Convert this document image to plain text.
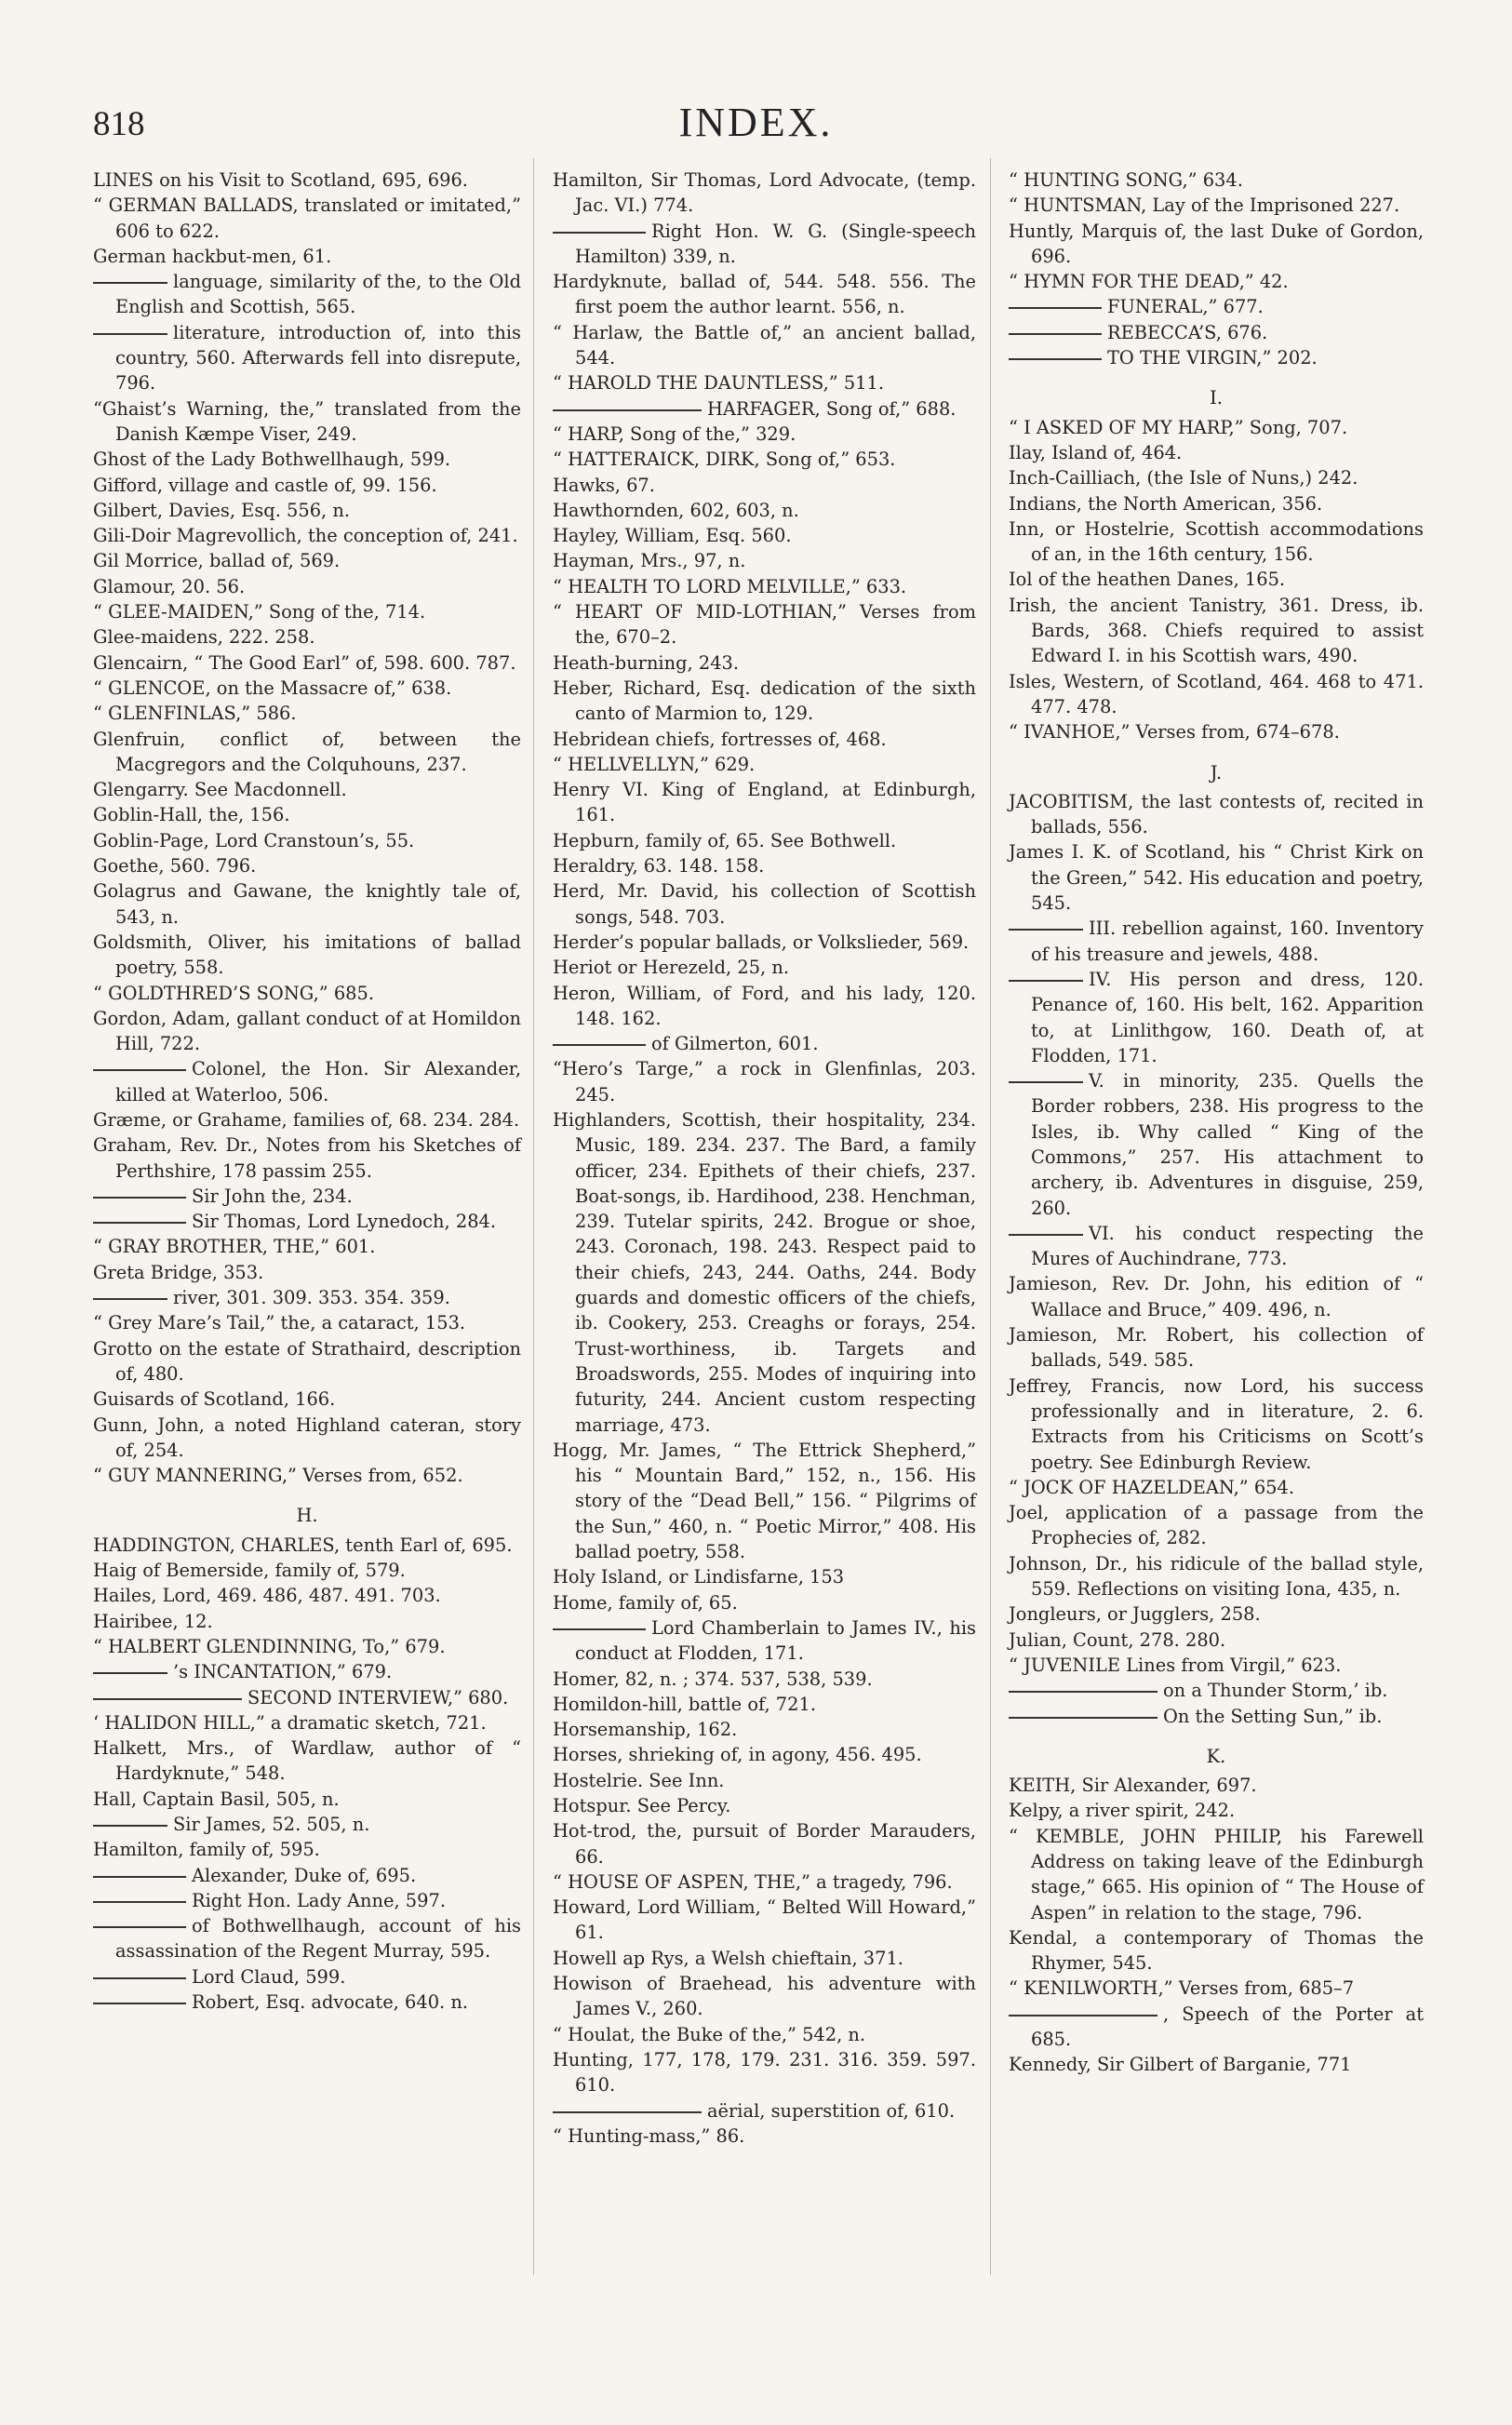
818	INDEX.
LINES on his Visit to Scotland, 695, 696.
“ GERMAN BALLADS, translated or imitated,” 606 to 622.
German hackbut-men, 61.
language, similarity of the, to the Old English and Scottish, 565.
literature, introduction of, into this country, 560. Afterwards fell into disrepute, 796.
“Ghaist’s Warning, the,” translated from the Danish Kæmpe Viser, 249.
Ghost of the Lady Bothwellhaugh, 599.
Gifford, village and castle of, 99. 156.
Gilbert, Davies, Esq. 556, n.
Gili-Doir Magrevollich, the conception of, 241.
Gil Morrice, ballad of, 569.
Glamour, 20. 56.
“ GLEE-MAIDEN,” Song of the, 714.
Glee-maidens, 222. 258.
Glencairn, “ The Good Earl” of, 598. 600. 787.
“ GLENCOE, on the Massacre of,” 638.
“ GLENFINLAS,” 586.
Glenfruin, conflict of, between the Macgregors and the Colquhouns, 237.
Glengarry. See Macdonnell.
Goblin-Hall, the, 156.
Goblin-Page, Lord Cranstoun’s, 55.
Goethe, 560. 796.
Golagrus and Gawane, the knightly tale of, 543, n.
Goldsmith, Oliver, his imitations of ballad poetry, 558.
“ GOLDTHRED’S SONG,” 685.
Gordon, Adam, gallant conduct of at Homildon Hill, 722.
Colonel, the Hon. Sir Alexander, killed at Waterloo, 506.
Græme, or Grahame, families of, 68. 234. 284.
Graham, Rev. Dr., Notes from his Sketches of Perthshire, 178 passim 255.
Sir John the, 234.
Sir Thomas, Lord Lynedoch, 284.
“ GRAY BROTHER, THE,” 601.
Greta Bridge, 353.
river, 301. 309. 353. 354. 359.
“ Grey Mare’s Tail,” the, a cataract, 153.
Grotto on the estate of Strathaird, description of, 480.
Guisards of Scotland, 166.
Gunn, John, a noted Highland cateran, story of, 254.
“ GUY MANNERING,” Verses from, 652.
H.
HADDINGTON, CHARLES, tenth Earl of, 695.
Haig of Bemerside, family of, 579.
Hailes, Lord, 469. 486, 487. 491. 703.
Hairibee, 12.
“ HALBERT GLENDINNING, To,” 679.
’s INCANTATION,” 679.
SECOND INTERVIEW,” 680.
‘ HALIDON HILL,” a dramatic sketch, 721.
Halkett, Mrs., of Wardlaw, author of “ Hardyknute,” 548.
Hall, Captain Basil, 505, n.
Sir James, 52. 505, n.
Hamilton, family of, 595.
Alexander, Duke of, 695.
Right Hon. Lady Anne, 597.
of Bothwellhaugh, account of his assassination of the Regent Murray, 595.
Lord Claud, 599.
Robert, Esq. advocate, 640. n.
Hamilton, Sir Thomas, Lord Advocate, (temp. Jac. VI.) 774.
Right Hon. W. G. (Single-speech Hamilton) 339, n.
Hardyknute, ballad of, 544. 548. 556. The first poem the author learnt. 556, n.
“ Harlaw, the Battle of,” an ancient ballad, 544.
“ HAROLD THE DAUNTLESS,” 511.
HARFAGER, Song of,” 688.
“ HARP, Song of the,” 329.
“ HATTERAICK, DIRK, Song of,” 653.
Hawks, 67.
Hawthornden, 602, 603, n.
Hayley, William, Esq. 560.
Hayman, Mrs., 97, n.
“ HEALTH TO LORD MELVILLE,” 633.
“ HEART OF MID-LOTHIAN,” Verses from the, 670–2.
Heath-burning, 243.
Heber, Richard, Esq. dedication of the sixth canto of Marmion to, 129.
Hebridean chiefs, fortresses of, 468.
“ HELLVELLYN,” 629.
Henry VI. King of England, at Edinburgh, 161.
Hepburn, family of, 65. See Bothwell.
Heraldry, 63. 148. 158.
Herd, Mr. David, his collection of Scottish songs, 548. 703.
Herder’s popular ballads, or Volkslieder, 569.
Heriot or Herezeld, 25, n.
Heron, William, of Ford, and his lady, 120. 148. 162.
of Gilmerton, 601.
“Hero’s Targe,” a rock in Glenfinlas, 203. 245.
Highlanders, Scottish, their hospitality, 234. Music, 189. 234. 237. The Bard, a family officer, 234. Epithets of their chiefs, 237. Boat-songs, ib. Hardihood, 238. Henchman, 239. Tutelar spirits, 242. Brogue or shoe, 243. Coronach, 198. 243. Respect paid to their chiefs, 243, 244. Oaths, 244. Body guards and domestic officers of the chiefs, ib. Cookery, 253. Creaghs or forays, 254. Trust-worthiness, ib. Targets and Broadswords, 255. Modes of inquiring into futurity, 244. Ancient custom respecting marriage, 473.
Hogg, Mr. James, “ The Ettrick Shepherd,” his “ Mountain Bard,” 152, n., 156. His story of the “Dead Bell,” 156. “ Pilgrims of the Sun,” 460, n. “ Poetic Mirror,” 408. His ballad poetry, 558.
Holy Island, or Lindisfarne, 153
Home, family of, 65.
Lord Chamberlain to James IV., his conduct at Flodden, 171.
Homer, 82, n. ; 374. 537, 538, 539.
Homildon-hill, battle of, 721.
Horsemanship, 162.
Horses, shrieking of, in agony, 456. 495.
Hostelrie. See Inn.
Hotspur. See Percy.
Hot-trod, the, pursuit of Border Marauders, 66.
“ HOUSE OF ASPEN, THE,” a tragedy, 796.
Howard, Lord William, “ Belted Will Howard,” 61.
Howell ap Rys, a Welsh chieftain, 371.
Howison of Braehead, his adventure with James V., 260.
“ Houlat, the Buke of the,” 542, n.
Hunting, 177, 178, 179. 231. 316. 359. 597. 610.
aërial, superstition of, 610.
“ Hunting-mass,” 86.
“ HUNTING SONG,” 634.
“ HUNTSMAN, Lay of the Imprisoned 227.
Huntly, Marquis of, the last Duke of Gordon, 696.
“ HYMN FOR THE DEAD,” 42.
FUNERAL,” 677.
REBECCA’S, 676.
TO THE VIRGIN,” 202.
I.
“ I ASKED OF MY HARP,” Song, 707.
Ilay, Island of, 464.
Inch-Cailliach, (the Isle of Nuns,) 242.
Indians, the North American, 356.
Inn, or Hostelrie, Scottish accommodations of an, in the 16th century, 156.
Iol of the heathen Danes, 165.
Irish, the ancient Tanistry, 361. Dress, ib. Bards, 368. Chiefs required to assist Edward I. in his Scottish wars, 490.
Isles, Western, of Scotland, 464. 468 to 471. 477. 478.
“ IVANHOE,” Verses from, 674–678.
J.
JACOBITISM, the last contests of, recited in ballads, 556.
James I. K. of Scotland, his “ Christ Kirk on the Green,” 542. His education and poetry, 545.
III. rebellion against, 160. Inventory of his treasure and jewels, 488.
IV. His person and dress, 120. Penance of, 160. His belt, 162. Apparition to, at Linlithgow, 160. Death of, at Flodden, 171.
V. in minority, 235. Quells the Border robbers, 238. His progress to the Isles, ib. Why called “ King of the Commons,” 257. His attachment to archery, ib. Adventures in disguise, 259, 260.
VI. his conduct respecting the Mures of Auchindrane, 773.
Jamieson, Rev. Dr. John, his edition of “ Wallace and Bruce,” 409. 496, n.
Jamieson, Mr. Robert, his collection of ballads, 549. 585.
Jeffrey, Francis, now Lord, his success professionally and in literature, 2. 6. Extracts from his Criticisms on Scott’s poetry. See Edinburgh Review.
“ JOCK OF HAZELDEAN,” 654.
Joel, application of a passage from the Prophecies of, 282.
Johnson, Dr., his ridicule of the ballad style, 559. Reflections on visiting Iona, 435, n.
Jongleurs, or Jugglers, 258.
Julian, Count, 278. 280.
“ JUVENILE Lines from Virgil,” 623.
on a Thunder Storm,’ ib.
On the Setting Sun,” ib.
K.
KEITH, Sir Alexander, 697.
Kelpy, a river spirit, 242.
“ KEMBLE, JOHN PHILIP, his Farewell Address on taking leave of the Edinburgh stage,” 665. His opinion of “ The House of Aspen” in relation to the stage, 796.
Kendal, a contemporary of Thomas the Rhymer, 545.
“ KENILWORTH,” Verses from, 685–7
, Speech of the Porter at 685.
Kennedy, Sir Gilbert of Barganie, 771
